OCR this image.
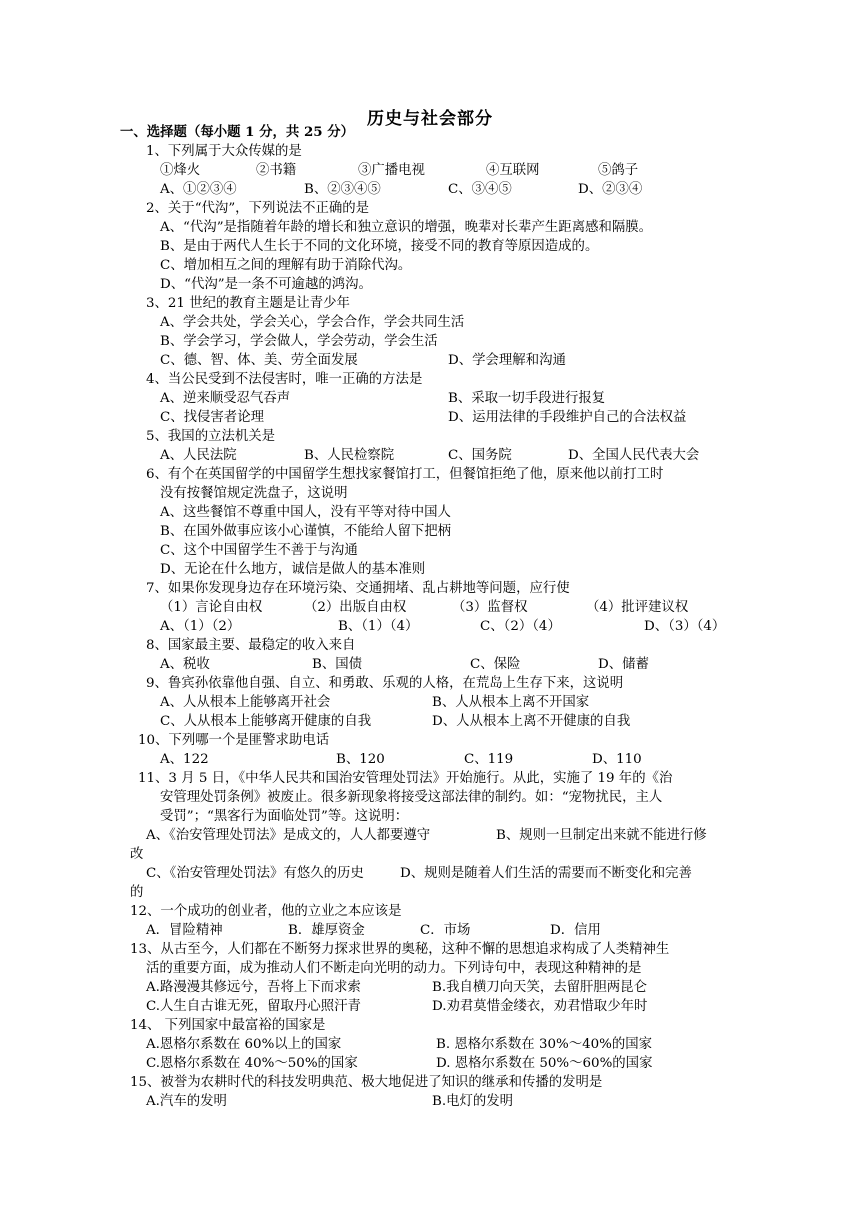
历史与社会部分
一、选择题（每小题 1 分，共 25 分）
1、下列属于大众传媒的是
①烽火	②书籍	③广播电视	④互联网	⑤鸽子
A、①②③④	B、②③④⑤	C、③④⑤	D、②③④
2、关于“代沟”，下列说法不正确的是
A、“代沟”是指随着年龄的增长和独立意识的增强，晚辈对长辈产生距离感和隔膜。
B、是由于两代人生长于不同的文化环境，接受不同的教育等原因造成的。
C、增加相互之间的理解有助于消除代沟。
D、“代沟”是一条不可逾越的鸿沟。
3、21 世纪的教育主题是让青少年
A、学会共处，学会关心，学会合作，学会共同生活
B、学会学习，学会做人，学会劳动，学会生活
C、德、智、体、美、劳全面发展	D、学会理解和沟通
4、当公民受到不法侵害时，唯一正确的方法是
A、逆来顺受忍气吞声	B、采取一切手段进行报复
C、找侵害者论理	D、运用法律的手段维护自己的合法权益
5、我国的立法机关是
A、人民法院	B、人民检察院	C、国务院	D、全国人民代表大会
6、有个在英国留学的中国留学生想找家餐馆打工，但餐馆拒绝了他，原来他以前打工时
没有按餐馆规定洗盘子，这说明
A、这些餐馆不尊重中国人，没有平等对待中国人
B、在国外做事应该小心谨慎，不能给人留下把柄
C、这个中国留学生不善于与沟通
D、无论在什么地方，诚信是做人的基本准则
7、如果你发现身边存在环境污染、交通拥堵、乱占耕地等问题，应行使
（1）言论自由权	（2）出版自由权	（3）监督权	（4）批评建议权
A、（1）（2）	B、（1）（4）	C、（2）（4）	D、（3）（4）
8、国家最主要、最稳定的收入来自
A、税收	B、国债	C、保险	D、储蓄
9、鲁宾孙依靠他自强、自立、和勇敢、乐观的人格，在荒岛上生存下来，这说明
A、人从根本上能够离开社会	B、人从根本上离不开国家
C、人从根本上能够离开健康的自我	D、人从根本上离不开健康的自我
10、下列哪一个是匪警求助电话
A、122	B、120	C、119	D、110
11、3 月 5 日，《中华人民共和国治安管理处罚法》开始施行。从此，实施了 19 年的《治
安管理处罚条例》被废止。很多新现象将接受这部法律的制约。如：“宠物扰民，主人
受罚”；“黑客行为面临处罚”等。这说明：
A、《治安管理处罚法》是成文的，人人都要遵守	B、规则一旦制定出来就不能进行修
改
C、《治安管理处罚法》有悠久的历史	D、规则是随着人们生活的需要而不断变化和完善
的
12、一个成功的创业者，他的立业之本应该是
A．冒险精神	B．雄厚资金	C．市场	D．信用
13、从古至今，人们都在不断努力探求世界的奥秘，这种不懈的思想追求构成了人类精神生
活的重要方面，成为推动人们不断走向光明的动力。下列诗句中，表现这种精神的是
A.路漫漫其修远兮，吾将上下而求索	B.我自横刀向天笑，去留肝胆两昆仑
C.人生自古谁无死，留取丹心照汗青	D.劝君莫惜金缕衣，劝君惜取少年时
14、 下列国家中最富裕的国家是
A.恩格尔系数在 60%以上的国家	B. 恩格尔系数在 30%～40%的国家
C.恩格尔系数在 40%～50%的国家	D. 恩格尔系数在 50%～60%的国家
15、被誉为农耕时代的科技发明典范、极大地促进了知识的继承和传播的发明是
A.汽车的发明	B.电灯的发明
